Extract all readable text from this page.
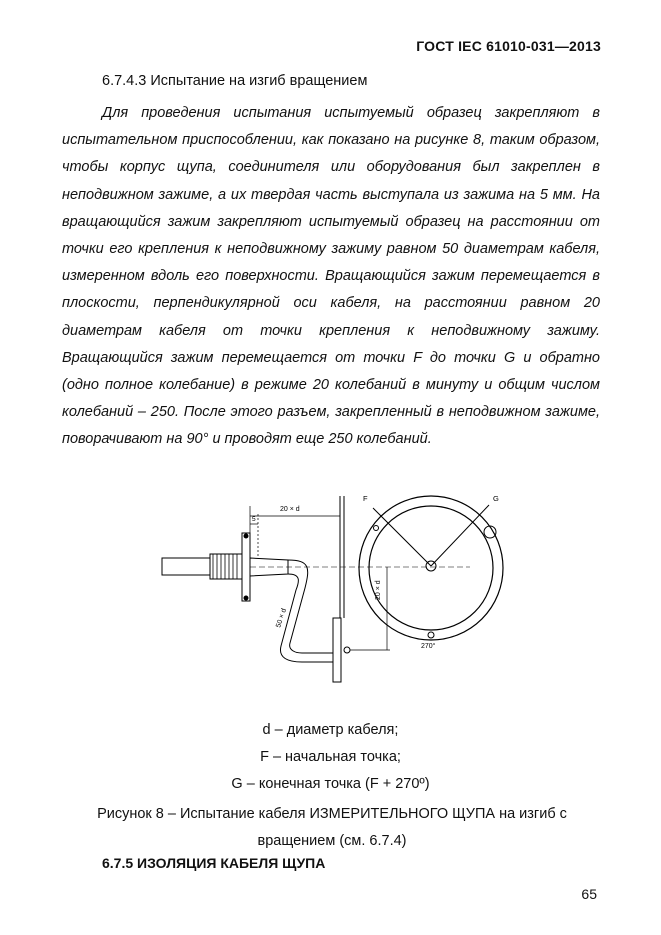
ГОСТ IEC 61010-031—2013
6.7.4.3 Испытание на изгиб вращением

Для проведения испытания испытуемый образец закрепляют в испытательном приспособлении, как показано на рисунке 8, таким образом, чтобы корпус щупа, соединителя или оборудования был закреплен в неподвижном зажиме, а их твердая часть выступала из зажима на 5 мм. На вращающийся зажим закрепляют испытуемый образец на расстоянии от точки его крепления к неподвижному зажиму равном 50 диаметрам кабеля, измеренном вдоль его поверхности. Вращающийся зажим перемещается в плоскости, перпендикулярной оси кабеля, на расстоянии равном 20 диаметрам кабеля от точки крепления к неподвижному зажиму. Вращающийся зажим перемещается от точки F до точки G и обратно (одно полное колебание) в режиме 20 колебаний в минуту и общим числом колебаний – 250. После этого разъем, закрепленный в неподвижном зажиме, поворачивают на 90° и проводят еще 250 колебаний.

20 × d
5
50 × d
20 × d
F	G
270°
d – диаметр кабеля;
F – начальная точка;
G – конечная точка (F + 270º)
Рисунок 8 – Испытание кабеля ИЗМЕРИТЕЛЬНОГО ЩУПА на изгиб с вращением (см. 6.7.4)
6.7.5 ИЗОЛЯЦИЯ КАБЕЛЯ ЩУПА
65
